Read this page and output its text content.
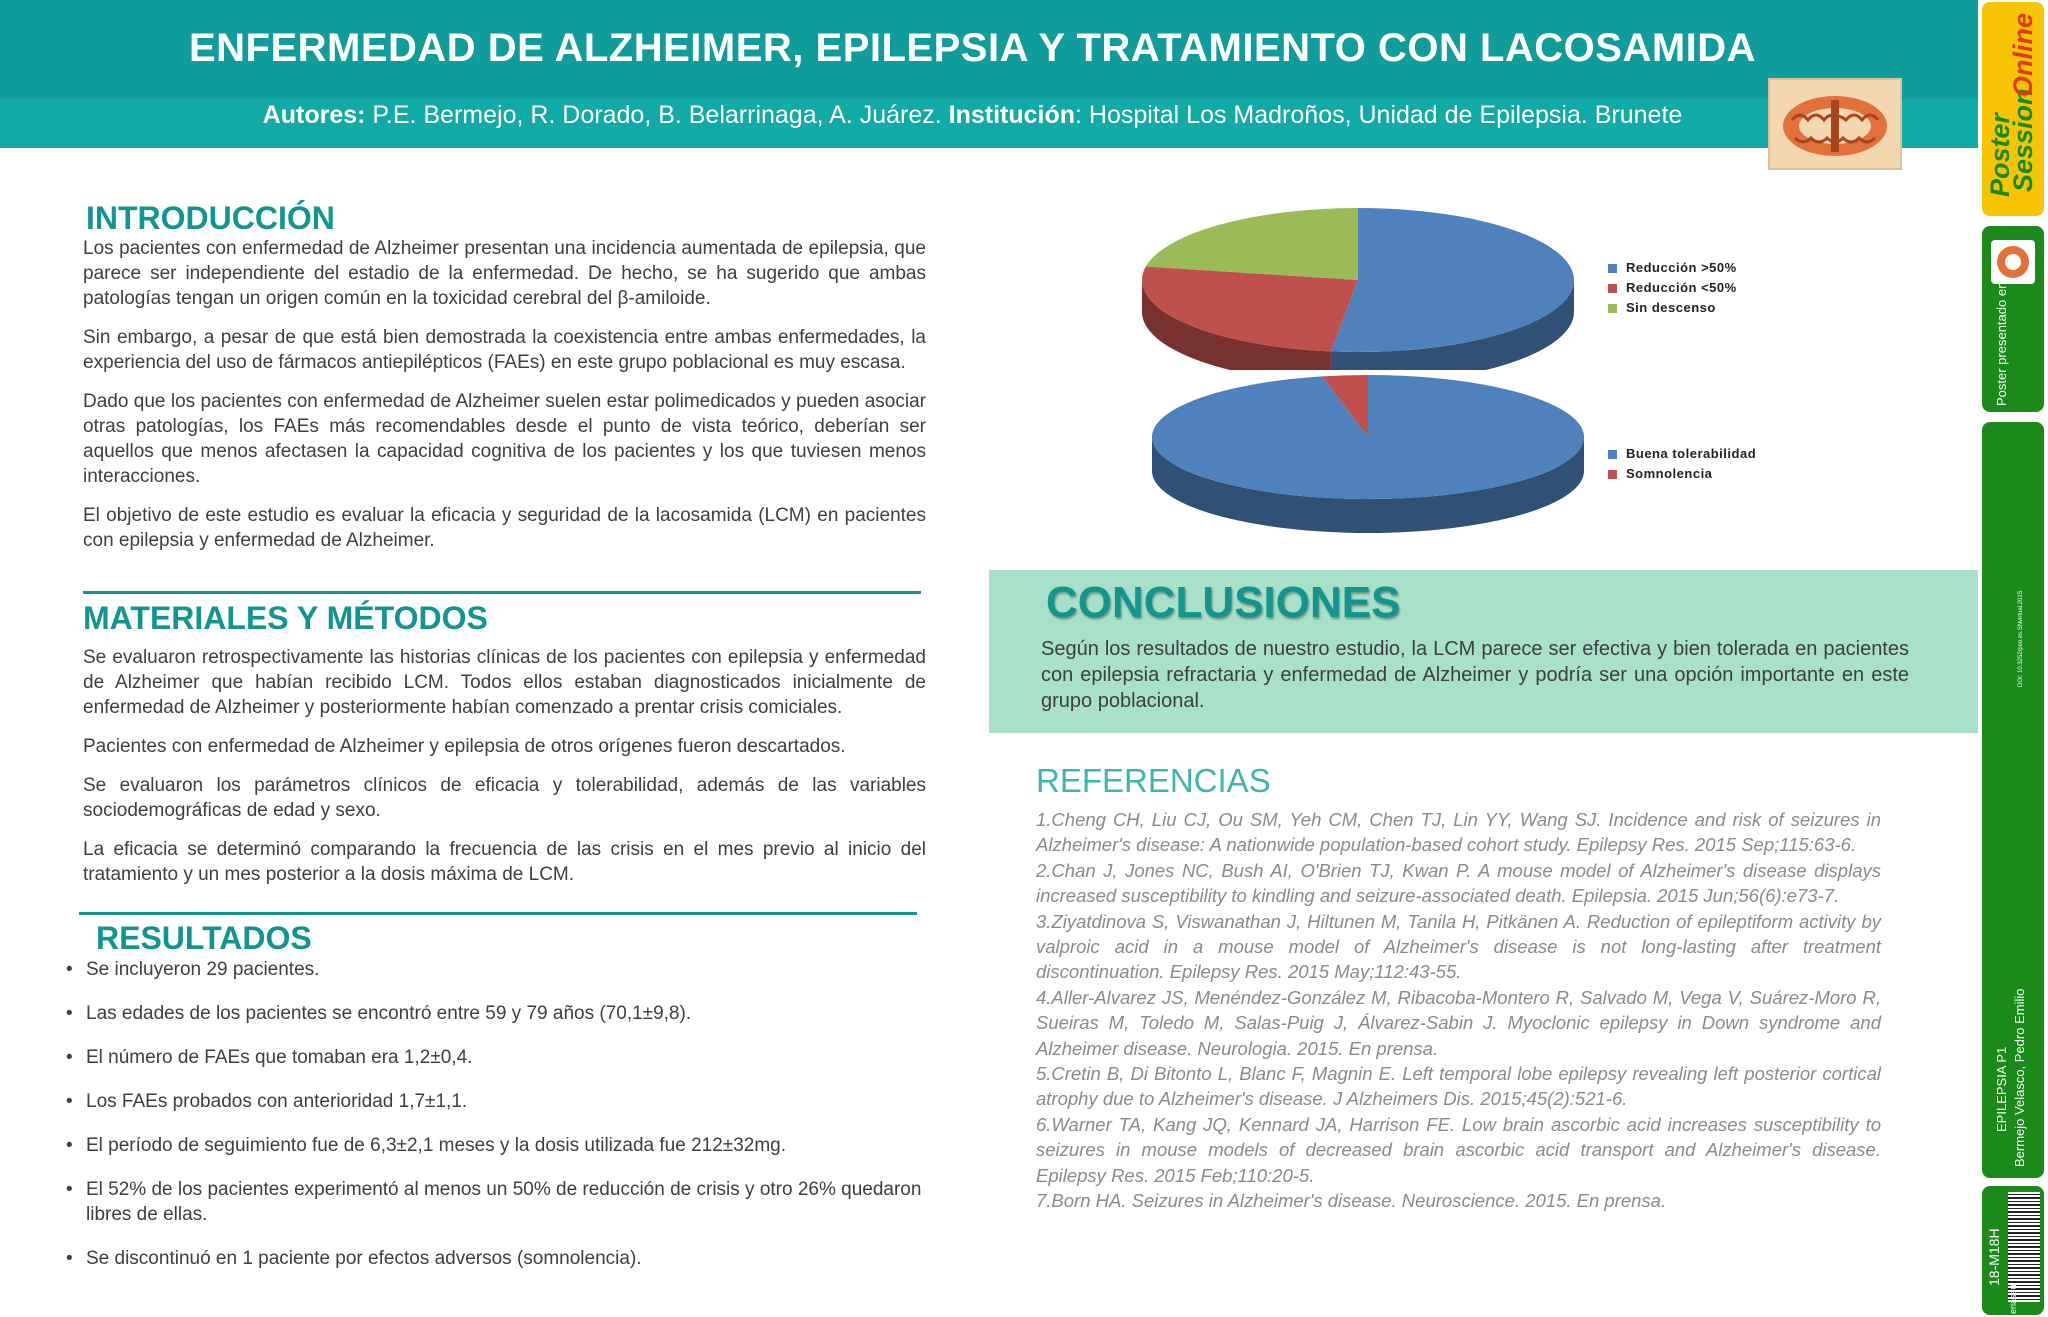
ENFERMEDAD DE ALZHEIMER, EPILEPSIA Y TRATAMIENTO CON LACOSAMIDA
Autores: P.E. Bermejo, R. Dorado, B. Belarrinaga, A. Juárez. Institución: Hospital Los Madroños, Unidad de Epilepsia. Brunete	Poster
Session
Online
Poster presentado en:
DOI: 10.3252/pso.es.SNvirtual.2015
EPILEPSIA P1 Bermejo Velasco, Pedro Emilio
18-M18H
eriaseu
INTRODUCCIÓN

Los pacientes con enfermedad de Alzheimer presentan una incidencia aumentada de epilepsia, que parece ser independiente del estadio de la enfermedad. De hecho, se ha sugerido que ambas patologías tengan un origen común en la toxicidad cerebral del β-amiloide.

Sin embargo, a pesar de que está bien demostrada la coexistencia entre ambas enfermedades, la experiencia del uso de fármacos antiepilépticos (FAEs) en este grupo poblacional es muy escasa.

Dado que los pacientes con enfermedad de Alzheimer suelen estar polimedicados y pueden asociar otras patologías, los FAEs más recomendables desde el punto de vista teórico, deberían ser aquellos que menos afectasen la capacidad cognitiva de los pacientes y los que tuviesen menos interacciones.

El objetivo de este estudio es evaluar la eficacia y seguridad de la lacosamida (LCM) en pacientes con epilepsia y enfermedad de Alzheimer.

MATERIALES Y MÉTODOS

Se evaluaron retrospectivamente las historias clínicas de los pacientes con epilepsia y enfermedad de Alzheimer que habían recibido LCM. Todos ellos estaban diagnosticados inicialmente de enfermedad de Alzheimer y posteriormente habían comenzado a prentar crisis comiciales.

Pacientes con enfermedad de Alzheimer y epilepsia de otros orígenes fueron descartados.

Se evaluaron los parámetros clínicos de eficacia y tolerabilidad, además de las variables sociodemográficas de edad y sexo.

La eficacia se determinó comparando la frecuencia de las crisis en el mes previo al inicio del tratamiento y un mes posterior a la dosis máxima de LCM.

RESULTADOS
• Se incluyeron 29 pacientes.
• Las edades de los pacientes se encontró entre 59 y 79 años (70,1±9,8).
• El número de FAEs que tomaban era 1,2±0,4.
• Los FAEs probados con anterioridad 1,7±1,1.
• El período de seguimiento fue de 6,3±2,1 meses y la dosis utilizada fue 212±32mg.
• El 52% de los pacientes experimentó al menos un 50% de reducción de crisis y otro 26% quedaron libres de ellas.
• Se discontinuó en 1 paciente por efectos adversos (somnolencia).
Reducción >50%
Reducción <50%
Sin descenso
Buena tolerabilidad
Somnolencia
CONCLUSIONES
Según los resultados de nuestro estudio, la LCM parece ser efectiva y bien tolerada en pacientes con epilepsia refractaria y enfermedad de Alzheimer y podría ser una opción importante en este grupo poblacional.
REFERENCIAS
1.Cheng CH, Liu CJ, Ou SM, Yeh CM, Chen TJ, Lin YY, Wang SJ. Incidence and risk of seizures in Alzheimer's disease: A nationwide population-based cohort study. Epilepsy Res. 2015 Sep;115:63-6.
2.Chan J, Jones NC, Bush AI, O'Brien TJ, Kwan P. A mouse model of Alzheimer's disease displays increased susceptibility to kindling and seizure-associated death. Epilepsia. 2015 Jun;56(6):e73-7.
3.Ziyatdinova S, Viswanathan J, Hiltunen M, Tanila H, Pitkänen A. Reduction of epileptiform activity by valproic acid in a mouse model of Alzheimer's disease is not long-lasting after treatment discontinuation. Epilepsy Res. 2015 May;112:43-55.
4.Aller-Alvarez JS, Menéndez-González M, Ribacoba-Montero R, Salvado M, Vega V, Suárez-Moro R, Sueiras M, Toledo M, Salas-Puig J, Álvarez-Sabin J. Myoclonic epilepsy in Down syndrome and Alzheimer disease. Neurologia. 2015. En prensa.
5.Cretin B, Di Bitonto L, Blanc F, Magnin E. Left temporal lobe epilepsy revealing left posterior cortical atrophy due to Alzheimer's disease. J Alzheimers Dis. 2015;45(2):521-6.
6.Warner TA, Kang JQ, Kennard JA, Harrison FE. Low brain ascorbic acid increases susceptibility to seizures in mouse models of decreased brain ascorbic acid transport and Alzheimer's disease. Epilepsy Res. 2015 Feb;110:20-5.
7.Born HA. Seizures in Alzheimer's disease. Neuroscience. 2015. En prensa.
